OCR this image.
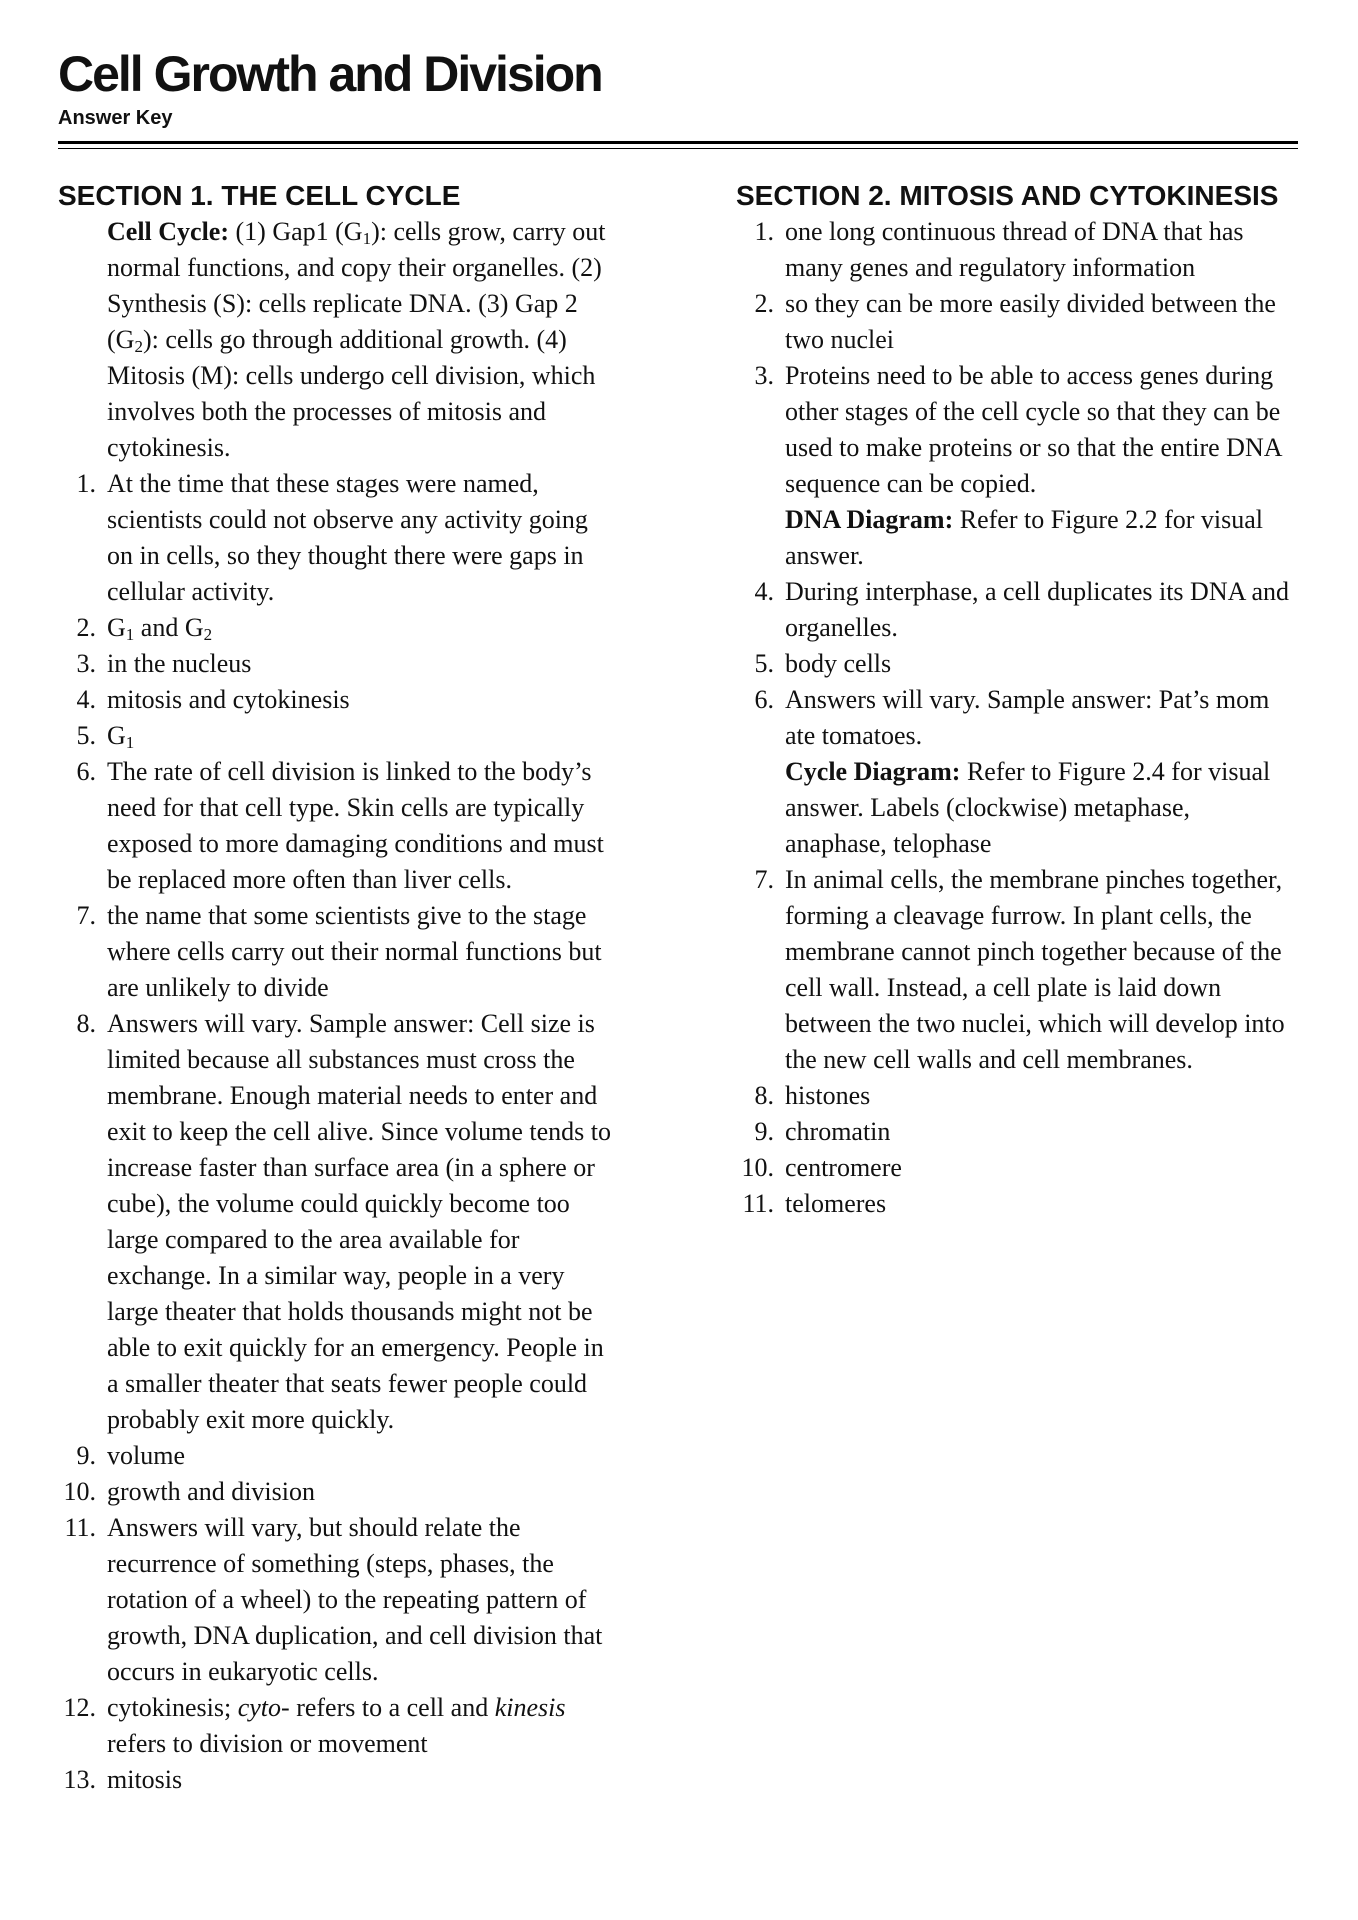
Cell Growth and Division
Answer Key
SECTION 1. THE CELL CYCLE

Cell Cycle: (1) Gap1 $(G_1)$: cells grow, carry out normal functions, and copy their organelles. (2) Synthesis (S): cells replicate DNA. (3) Gap 2 $(G_2)$: cells go through additional growth. (4) Mitosis (M): cells undergo cell division, which involves both the processes of mitosis and cytokinesis.

1. At the time that these stages were named, scientists could not observe any activity going on in cells, so they thought there were gaps in cellular activity.
2. $G_1$ and $G_2$
3. in the nucleus
4. mitosis and cytokinesis
5. $G_1$
6. The rate of cell division is linked to the body’s need for that cell type. Skin cells are typically exposed to more damaging conditions and must be replaced more often than liver cells.
7. the name that some scientists give to the stage where cells carry out their normal functions but are unlikely to divide
8. Answers will vary. Sample answer: Cell size is limited because all substances must cross the membrane. Enough material needs to enter and exit to keep the cell alive. Since volume tends to increase faster than surface area (in a sphere or cube), the volume could quickly become too large compared to the area available for exchange. In a similar way, people in a very large theater that holds thousands might not be able to exit quickly for an emergency. People in a smaller theater that seats fewer people could probably exit more quickly.
9. volume
10. growth and division
11. Answers will vary, but should relate the recurrence of something (steps, phases, the rotation of a wheel) to the repeating pattern of growth, DNA duplication, and cell division that occurs in eukaryotic cells.
12. cytokinesis; cyto- refers to a cell and kinesis refers to division or movement
13. mitosis
SECTION 2. MITOSIS AND CYTOKINESIS
1. one long continuous thread of DNA that has many genes and regulatory information
2. so they can be more easily divided between the two nuclei
3. Proteins need to be able to access genes during other stages of the cell cycle so that they can be used to make proteins or so that the entire DNA sequence can be copied.
DNA Diagram: Refer to Figure 2.2 for visual answer.
4. During interphase, a cell duplicates its DNA and organelles.
5. body cells
6. Answers will vary. Sample answer: Pat’s mom ate tomatoes.
Cycle Diagram: Refer to Figure 2.4 for visual answer. Labels (clockwise) metaphase, anaphase, telophase
7. In animal cells, the membrane pinches together, forming a cleavage furrow. In plant cells, the membrane cannot pinch together because of the cell wall. Instead, a cell plate is laid down between the two nuclei, which will develop into the new cell walls and cell membranes.
8. histones
9. chromatin
10. centromere
11. telomeres
